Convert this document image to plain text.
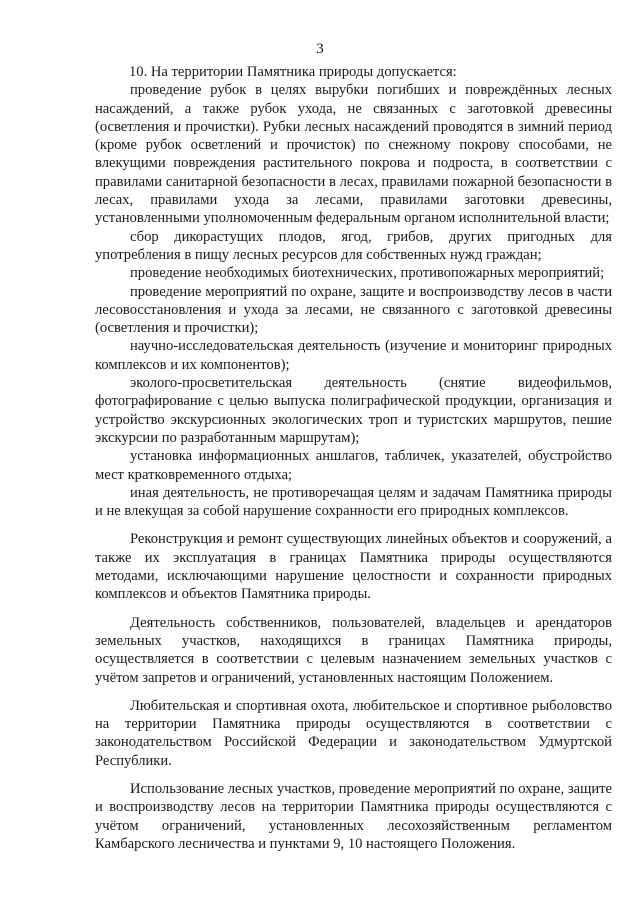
3

10. На территории Памятника природы допускается:

проведение рубок в целях вырубки погибших и повреждённых лесных насаждений, а также рубок ухода, не связанных с заготовкой древесины (осветления и прочистки). Рубки лесных насаждений проводятся в зимний период (кроме рубок осветлений и прочисток) по снежному покрову способами, не влекущими повреждения растительного покрова и подроста, в соответствии с правилами санитарной безопасности в лесах, правилами пожарной безопасности в лесах, правилами ухода за лесами, правилами заготовки древесины, установленными уполномоченным федеральным органом исполнительной власти;

сбор дикорастущих плодов, ягод, грибов, других пригодных для употребления в пищу лесных ресурсов для собственных нужд граждан;

проведение необходимых биотехнических, противопожарных мероприятий;

проведение мероприятий по охране, защите и воспроизводству лесов в части лесовосстановления и ухода за лесами, не связанного с заготовкой древесины (осветления и прочистки);

научно-исследовательская деятельность (изучение и мониторинг природных комплексов и их компонентов);

эколого-просветительская деятельность (снятие видеофильмов, фотографирование с целью выпуска полиграфической продукции, организация и устройство экскурсионных экологических троп и туристских маршрутов, пешие экскурсии по разработанным маршрутам);

установка информационных аншлагов, табличек, указателей, обустройство мест кратковременного отдыха;

иная деятельность, не противоречащая целям и задачам Памятника природы и не влекущая за собой нарушение сохранности его природных комплексов.

Реконструкция и ремонт существующих линейных объектов и сооружений, а также их эксплуатация в границах Памятника природы осуществляются методами, исключающими нарушение целостности и сохранности природных комплексов и объектов Памятника природы.

Деятельность собственников, пользователей, владельцев и арендаторов земельных участков, находящихся в границах Памятника природы, осуществляется в соответствии с целевым назначением земельных участков с учётом запретов и ограничений, установленных настоящим Положением.

Любительская и спортивная охота, любительское и спортивное рыболовство на территории Памятника природы осуществляются в соответствии с законодательством Российской Федерации и законодательством Удмуртской Республики.

Использование лесных участков, проведение мероприятий по охране, защите и воспроизводству лесов на территории Памятника природы осуществляются с учётом ограничений, установленных лесохозяйственным регламентом Камбарского лесничества и пунктами 9, 10 настоящего Положения.
